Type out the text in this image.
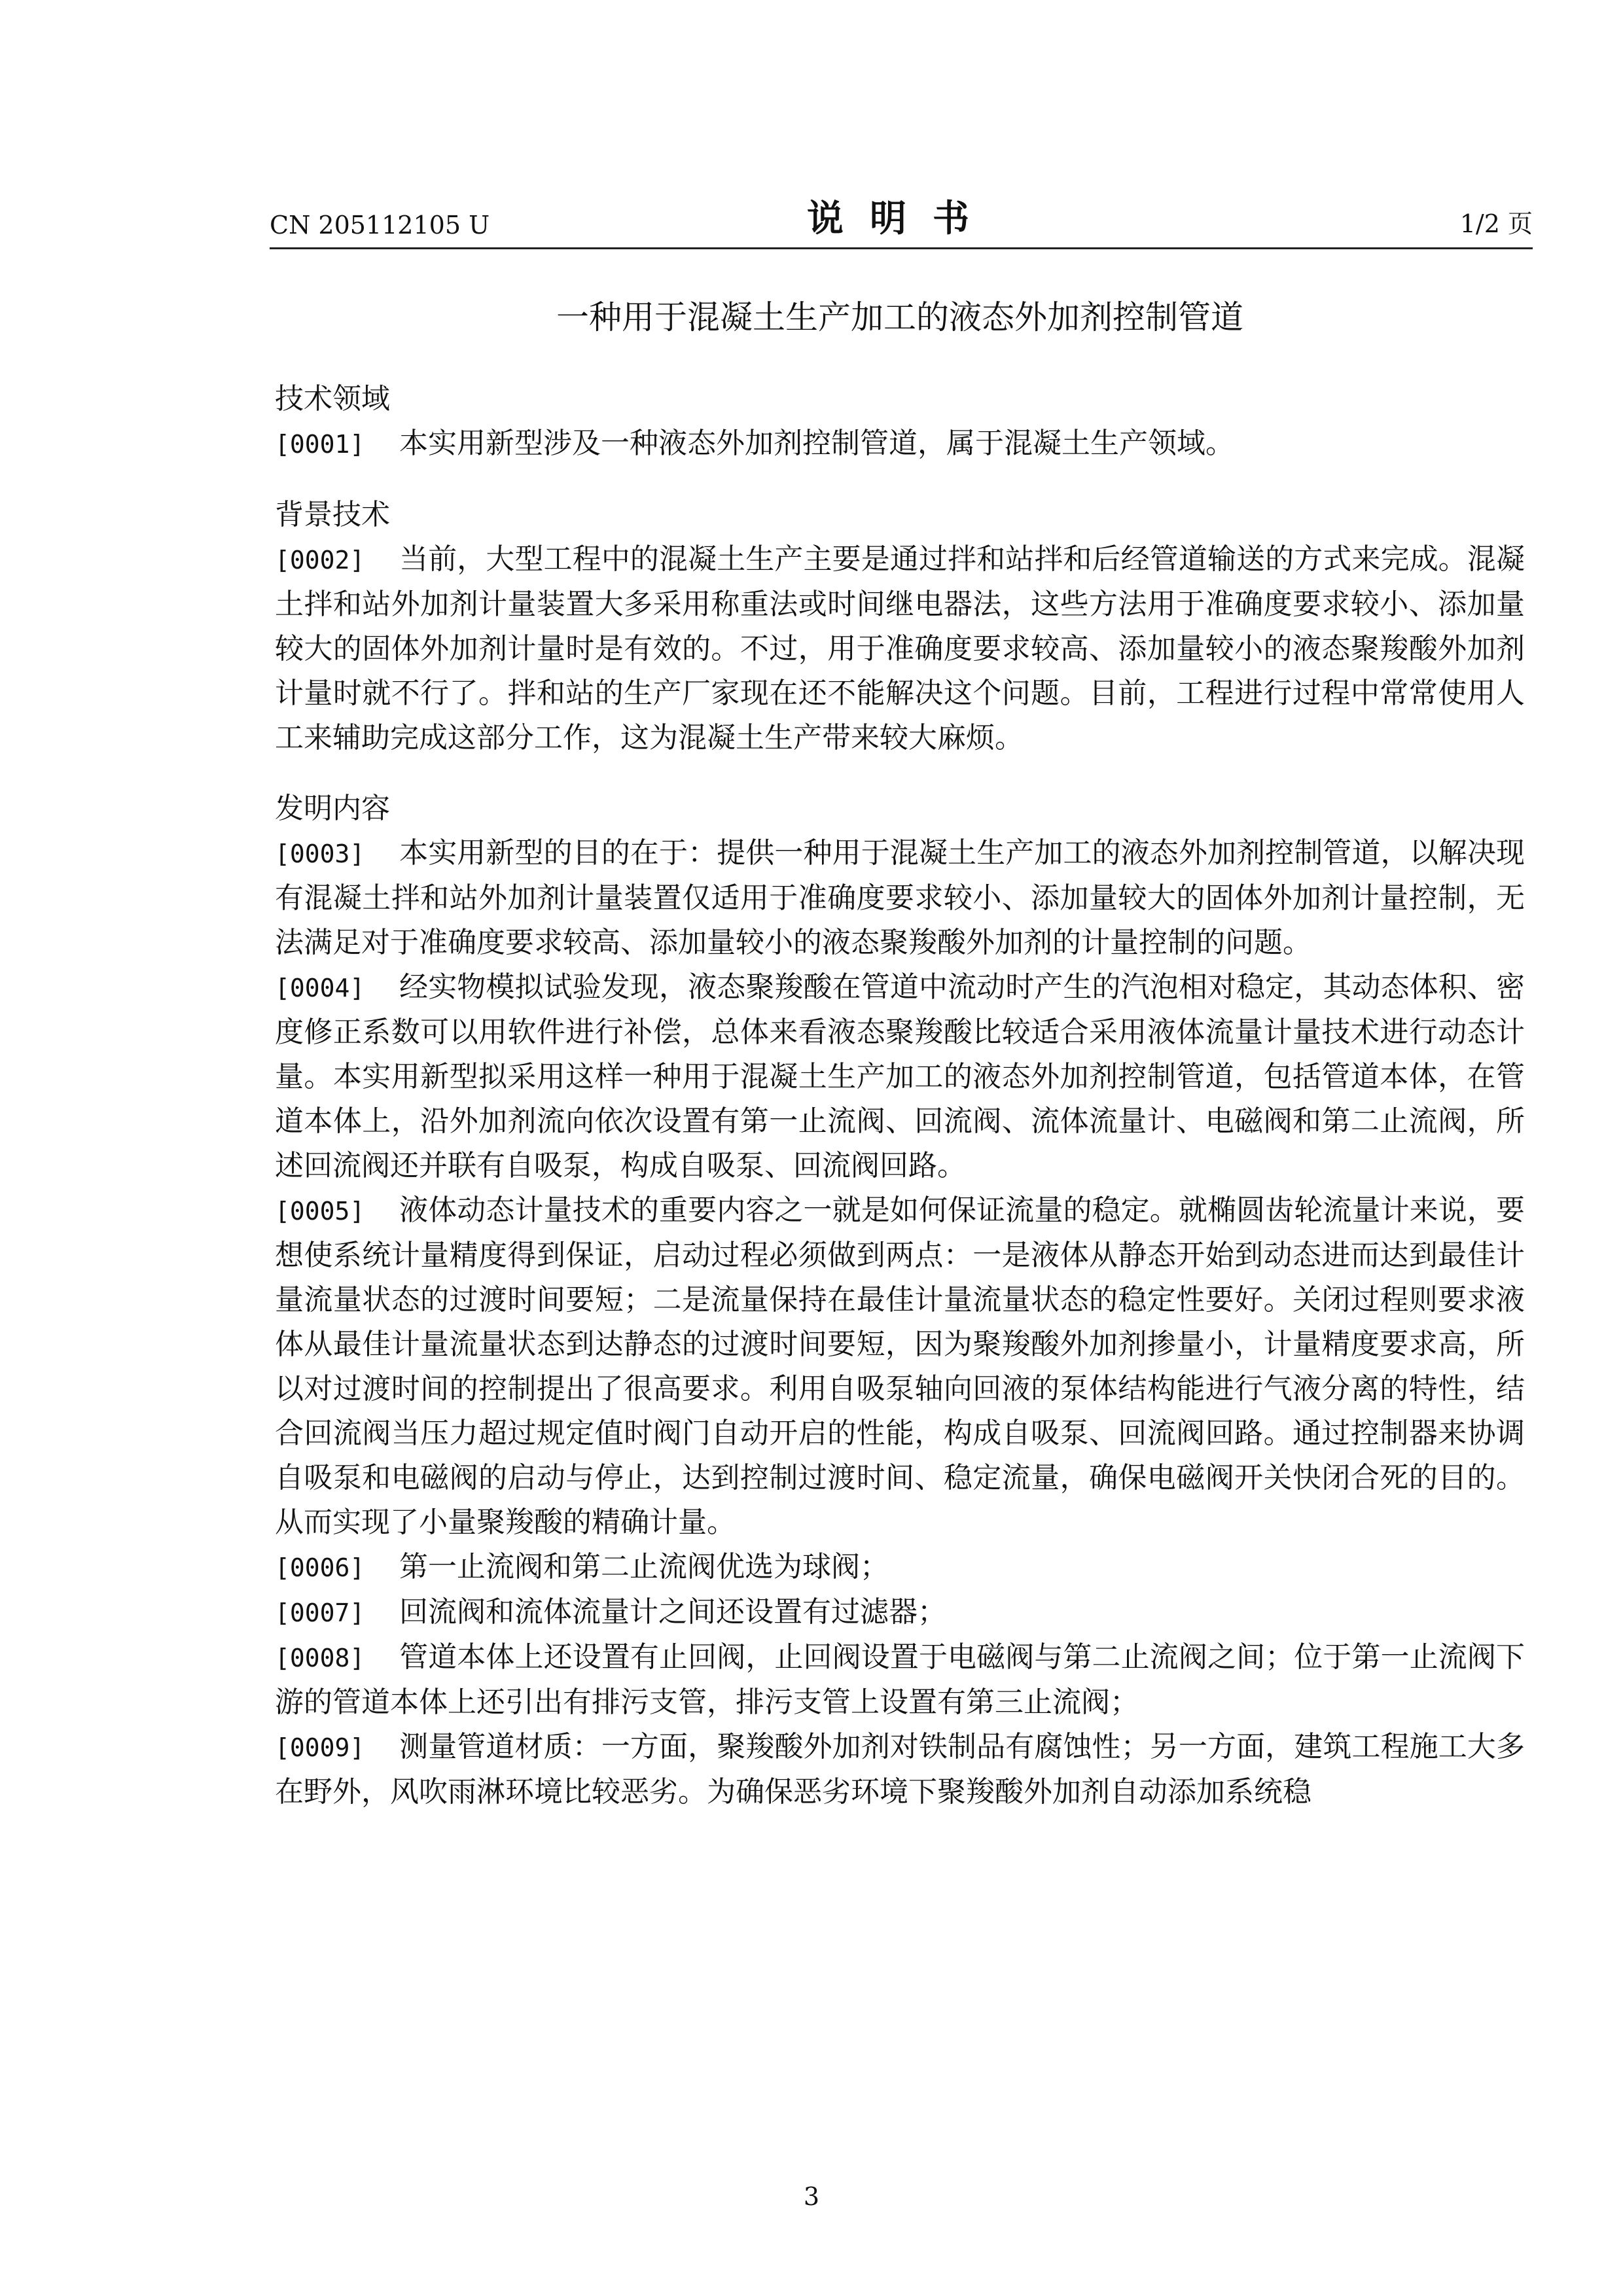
CN 205112105 U	说明书	1/2 页
一种用于混凝土生产加工的液态外加剂控制管道
技术领域

[0001] 本实用新型涉及一种液态外加剂控制管道，属于混凝土生产领域。

背景技术

[0002] 当前，大型工程中的混凝土生产主要是通过拌和站拌和后经管道输送的方式来完成。混凝土拌和站外加剂计量装置大多采用称重法或时间继电器法，这些方法用于准确度要求较小、添加量较大的固体外加剂计量时是有效的。不过，用于准确度要求较高、添加量较小的液态聚羧酸外加剂计量时就不行了。拌和站的生产厂家现在还不能解决这个问题。目前，工程进行过程中常常使用人工来辅助完成这部分工作，这为混凝土生产带来较大麻烦。

发明内容

[0003] 本实用新型的目的在于：提供一种用于混凝土生产加工的液态外加剂控制管道，以解决现有混凝土拌和站外加剂计量装置仅适用于准确度要求较小、添加量较大的固体外加剂计量控制，无法满足对于准确度要求较高、添加量较小的液态聚羧酸外加剂的计量控制的问题。

[0004] 经实物模拟试验发现，液态聚羧酸在管道中流动时产生的汽泡相对稳定，其动态体积、密度修正系数可以用软件进行补偿，总体来看液态聚羧酸比较适合采用液体流量计量技术进行动态计量。本实用新型拟采用这样一种用于混凝土生产加工的液态外加剂控制管道，包括管道本体，在管道本体上，沿外加剂流向依次设置有第一止流阀、回流阀、流体流量计、电磁阀和第二止流阀，所述回流阀还并联有自吸泵，构成自吸泵、回流阀回路。

[0005] 液体动态计量技术的重要内容之一就是如何保证流量的稳定。就椭圆齿轮流量计来说，要想使系统计量精度得到保证，启动过程必须做到两点：一是液体从静态开始到动态进而达到最佳计量流量状态的过渡时间要短；二是流量保持在最佳计量流量状态的稳定性要好。关闭过程则要求液体从最佳计量流量状态到达静态的过渡时间要短，因为聚羧酸外加剂掺量小，计量精度要求高，所以对过渡时间的控制提出了很高要求。利用自吸泵轴向回液的泵体结构能进行气液分离的特性，结合回流阀当压力超过规定值时阀门自动开启的性能，构成自吸泵、回流阀回路。通过控制器来协调自吸泵和电磁阀的启动与停止，达到控制过渡时间、稳定流量，确保电磁阀开关快闭合死的目的。从而实现了小量聚羧酸的精确计量。

[0006] 第一止流阀和第二止流阀优选为球阀；

[0007] 回流阀和流体流量计之间还设置有过滤器；

[0008] 管道本体上还设置有止回阀，止回阀设置于电磁阀与第二止流阀之间；位于第一止流阀下游的管道本体上还引出有排污支管，排污支管上设置有第三止流阀；

[0009] 测量管道材质：一方面，聚羧酸外加剂对铁制品有腐蚀性；另一方面，建筑工程施工大多在野外，风吹雨淋环境比较恶劣。为确保恶劣环境下聚羧酸外加剂自动添加系统稳

3
